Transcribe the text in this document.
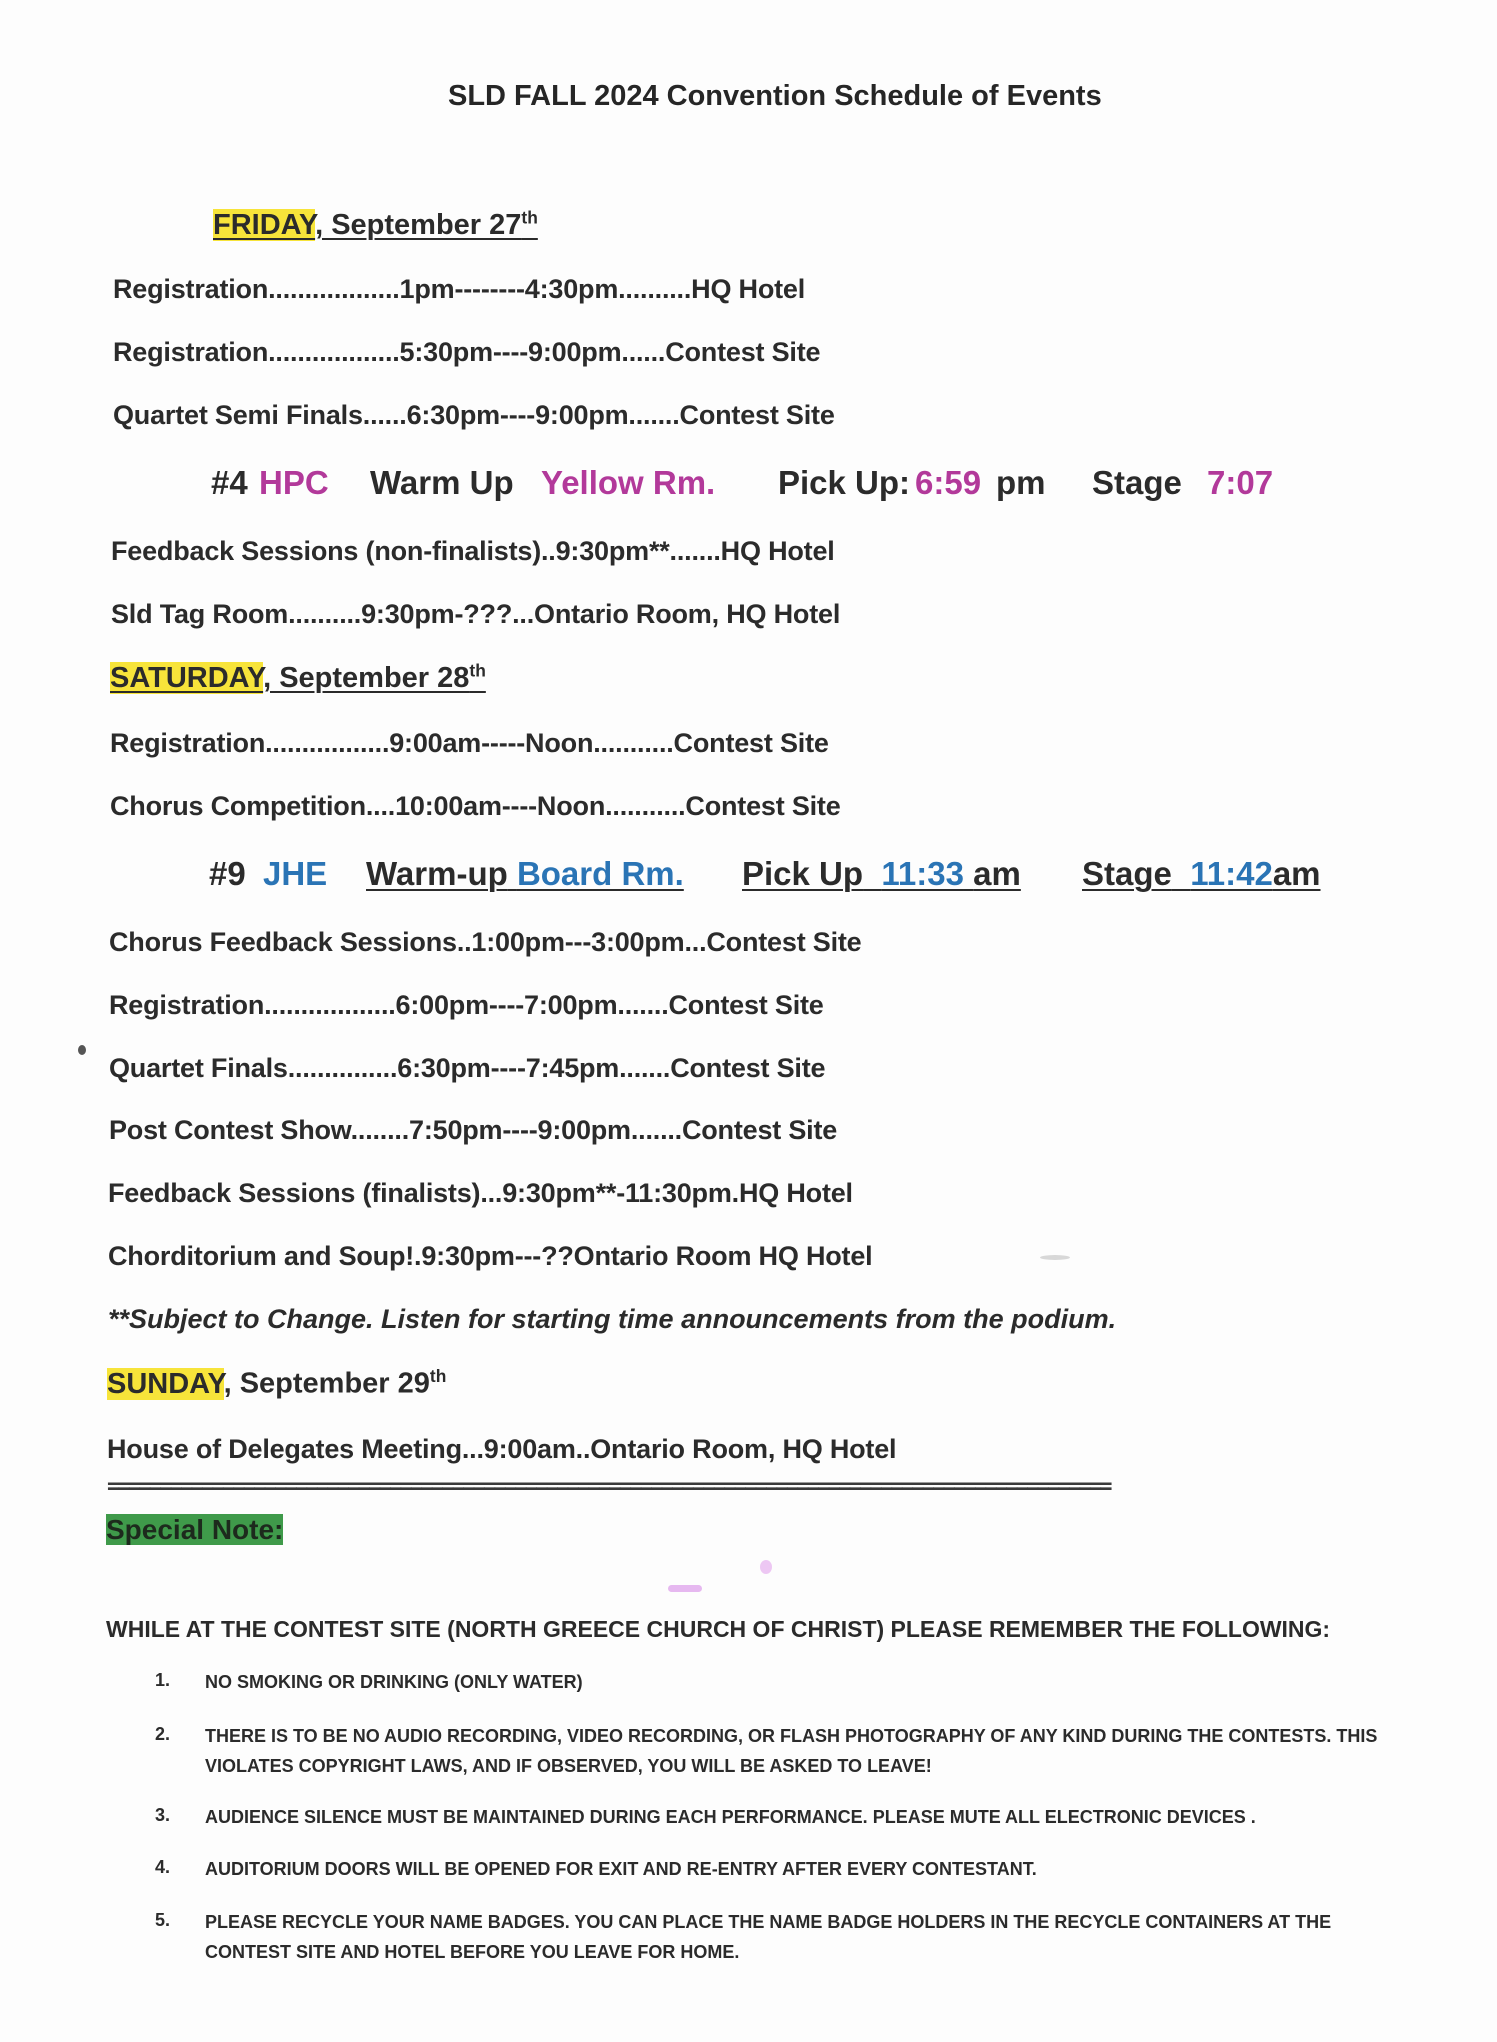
SLD FALL 2024 Convention Schedule of Events
FRIDAY, September 27th
Registration..................1pm--------4:30pm..........HQ Hotel
Registration..................5:30pm----9:00pm......Contest Site
Quartet Semi Finals......6:30pm----9:00pm.......Contest Site
#4 HPC Warm Up Yellow Rm. Pick Up: 6:59 pm Stage 7:07
Feedback Sessions (non-finalists)..9:30pm**.......HQ Hotel
Sld Tag Room..........9:30pm-???...Ontario Room, HQ Hotel
SATURDAY, September 28th
Registration.................9:00am-----Noon...........Contest Site
Chorus Competition....10:00am----Noon...........Contest Site
#9 JHE Warm-up Board Rm. Pick Up 11:33 am Stage 11:42am
Chorus Feedback Sessions..1:00pm---3:00pm...Contest Site
Registration..................6:00pm----7:00pm.......Contest Site
Quartet Finals...............6:30pm----7:45pm.......Contest Site
Post Contest Show........7:50pm----9:00pm.......Contest Site
Feedback Sessions (finalists)...9:30pm**-11:30pm.HQ Hotel
Chorditorium and Soup!.9:30pm---??Ontario Room HQ Hotel
**Subject to Change. Listen for starting time announcements from the podium.
SUNDAY, September 29th
House of Delegates Meeting...9:00am..Ontario Room, HQ Hotel
================================================================================================
Special Note:
WHILE AT THE CONTEST SITE (NORTH GREECE CHURCH OF CHRIST) PLEASE REMEMBER THE FOLLOWING:
1. NO SMOKING OR DRINKING (ONLY WATER)
2. THERE IS TO BE NO AUDIO RECORDING, VIDEO RECORDING, OR FLASH PHOTOGRAPHY OF ANY KIND DURING THE CONTESTS. THIS VIOLATES COPYRIGHT LAWS, AND IF OBSERVED, YOU WILL BE ASKED TO LEAVE!
3. AUDIENCE SILENCE MUST BE MAINTAINED DURING EACH PERFORMANCE. PLEASE MUTE ALL ELECTRONIC DEVICES .
4. AUDITORIUM DOORS WILL BE OPENED FOR EXIT AND RE-ENTRY AFTER EVERY CONTESTANT.
5. PLEASE RECYCLE YOUR NAME BADGES. YOU CAN PLACE THE NAME BADGE HOLDERS IN THE RECYCLE CONTAINERS AT THE CONTEST SITE AND HOTEL BEFORE YOU LEAVE FOR HOME.
